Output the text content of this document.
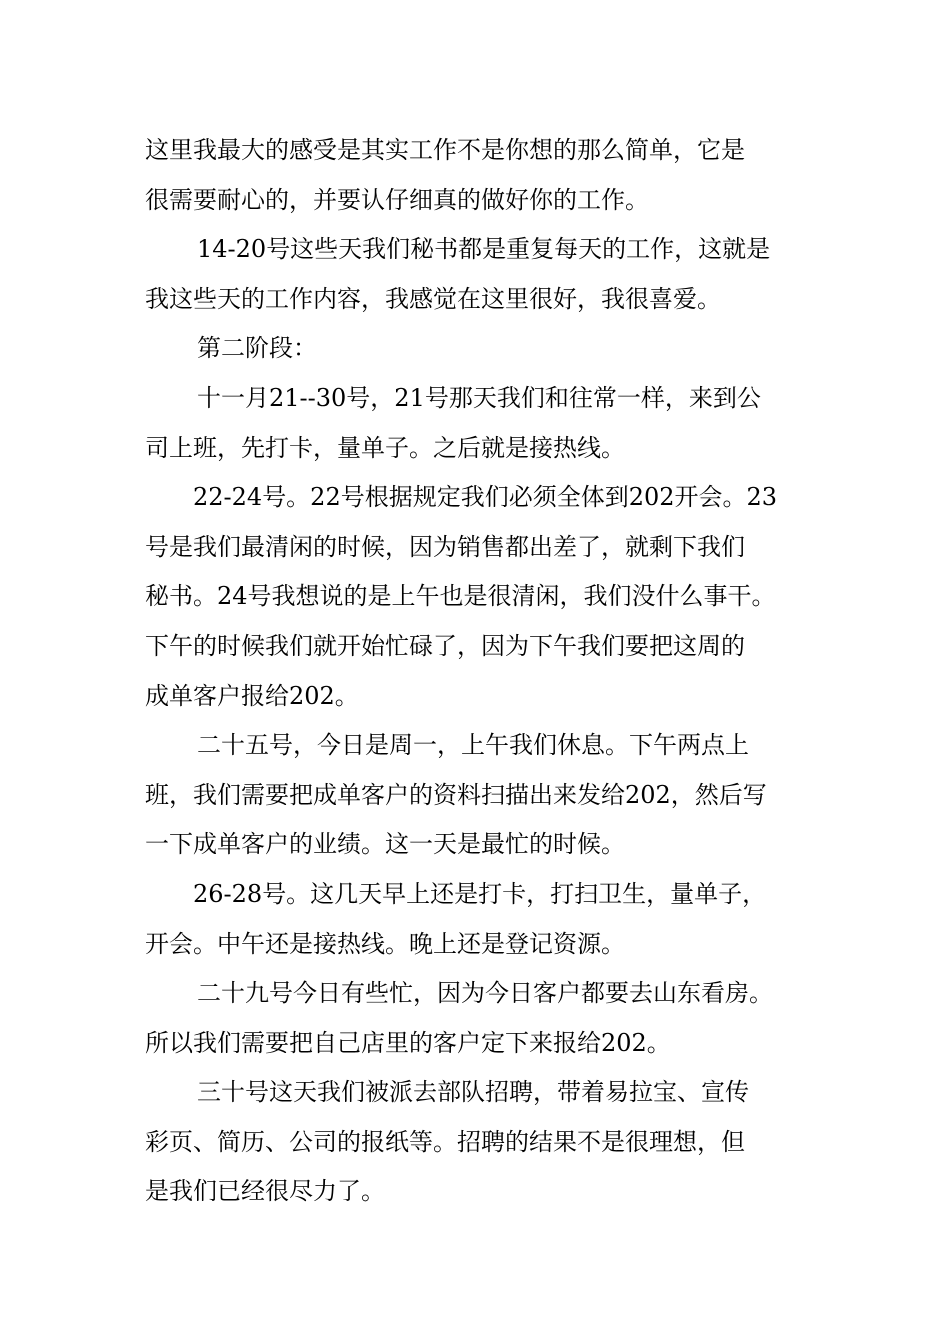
这里我最大的感受是其实工作不是你想的那么简单，它是
很需要耐心的，并要认仔细真的做好你的工作。

14-20号这些天我们秘书都是重复每天的工作，这就是
我这些天的工作内容，我感觉在这里很好，我很喜爱。

第二阶段：

十一月21--30号，21号那天我们和往常一样，来到公
司上班，先打卡，量单子。之后就是接热线。

22-24号。22号根据规定我们必须全体到202开会。23
号是我们最清闲的时候，因为销售都出差了，就剩下我们
秘书。24号我想说的是上午也是很清闲，我们没什么事干。
下午的时候我们就开始忙碌了，因为下午我们要把这周的
成单客户报给202。

二十五号，今日是周一，上午我们休息。下午两点上
班，我们需要把成单客户的资料扫描出来发给202，然后写
一下成单客户的业绩。这一天是最忙的时候。

26-28号。这几天早上还是打卡，打扫卫生，量单子，
开会。中午还是接热线。晚上还是登记资源。

二十九号今日有些忙，因为今日客户都要去山东看房。
所以我们需要把自己店里的客户定下来报给202。

三十号这天我们被派去部队招聘，带着易拉宝、宣传
彩页、简历、公司的报纸等。招聘的结果不是很理想，但
是我们已经很尽力了。
